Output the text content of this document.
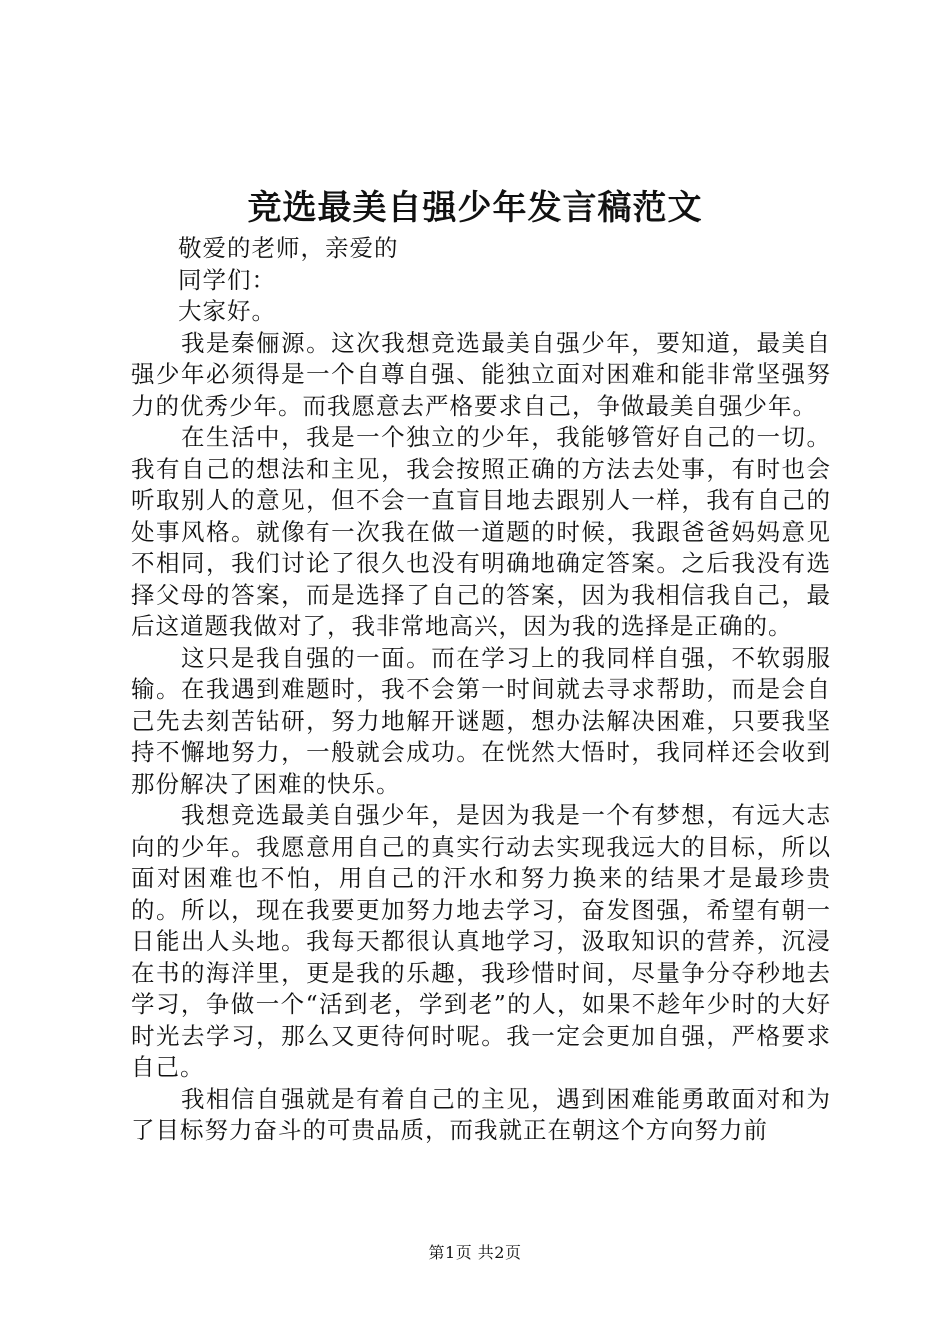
竞选最美自强少年发言稿范文

敬爱的老师，亲爱的

同学们：

大家好。

我是秦俪源。这次我想竞选最美自强少年，要知道，最美自强少年必须得是一个自尊自强、能独立面对困难和能非常坚强努力的优秀少年。而我愿意去严格要求自己，争做最美自强少年。

在生活中，我是一个独立的少年，我能够管好自己的一切。我有自己的想法和主见，我会按照正确的方法去处事，有时也会听取别人的意见，但不会一直盲目地去跟别人一样，我有自己的处事风格。就像有一次我在做一道题的时候，我跟爸爸妈妈意见不相同，我们讨论了很久也没有明确地确定答案。之后我没有选择父母的答案，而是选择了自己的答案，因为我相信我自己，最后这道题我做对了，我非常地高兴，因为我的选择是正确的。

这只是我自强的一面。而在学习上的我同样自强，不软弱服输。在我遇到难题时，我不会第一时间就去寻求帮助，而是会自己先去刻苦钻研，努力地解开谜题，想办法解决困难，只要我坚持不懈地努力，一般就会成功。在恍然大悟时，我同样还会收到那份解决了困难的快乐。

我想竞选最美自强少年，是因为我是一个有梦想，有远大志向的少年。我愿意用自己的真实行动去实现我远大的目标，所以面对困难也不怕，用自己的汗水和努力换来的结果才是最珍贵的。所以，现在我要更加努力地去学习，奋发图强，希望有朝一日能出人头地。我每天都很认真地学习，汲取知识的营养，沉浸在书的海洋里，更是我的乐趣，我珍惜时间，尽量争分夺秒地去学习，争做一个“活到老，学到老”的人，如果不趁年少时的大好时光去学习，那么又更待何时呢。我一定会更加自强，严格要求自己。

我相信自强就是有着自己的主见，遇到困难能勇敢面对和为了目标努力奋斗的可贵品质，而我就正在朝这个方向努力前

第1页 共2页
